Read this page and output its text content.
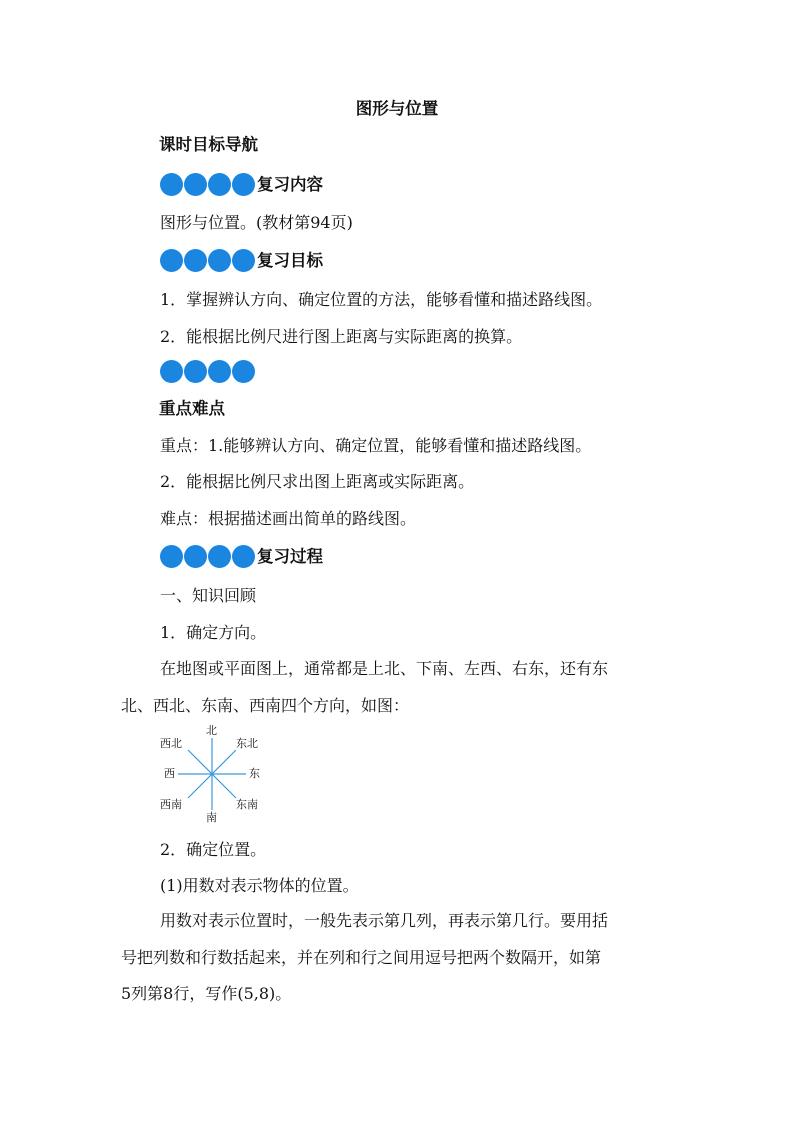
图形与位置
课时目标导航
复习内容
图形与位置。(教材第94页)
复习目标
1．掌握辨认方向、确定位置的方法，能够看懂和描述路线图。
2．能根据比例尺进行图上距离与实际距离的换算。
重点难点
重点：1.能够辨认方向、确定位置，能够看懂和描述路线图。
2．能根据比例尺求出图上距离或实际距离。
难点：根据描述画出简单的路线图。
复习过程
一、知识回顾
1．确定方向。
在地图或平面图上，通常都是上北、下南、左西、右东，还有东
北、西北、东南、西南四个方向，如图：
北
南
东
西
东北
西北
东南
西南
2．确定位置。
(1)用数对表示物体的位置。
用数对表示位置时，一般先表示第几列，再表示第几行。要用括
号把列数和行数括起来，并在列和行之间用逗号把两个数隔开，如第
5列第8行，写作(5,8)。
